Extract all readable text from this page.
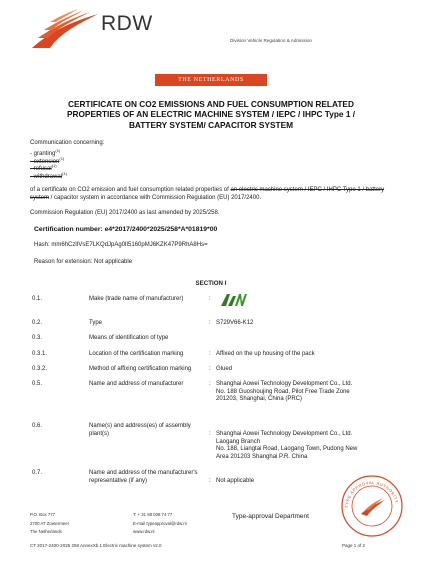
RDW
Division Vehicle Regulation & Admission
THE NETHERLANDS
CERTIFICATE ON CO2 EMISSIONS AND FUEL CONSUMPTION RELATED
PROPERTIES OF AN ELECTRIC MACHINE SYSTEM / IEPC / IHPC Type 1 /
BATTERY SYSTEM/ CAPACITOR SYSTEM
Communication concerning:
- granting$^{(1)}$
- extension$^{(1)}$
- refusal$^{(1)}$
- withdrawal$^{(1)}$
of a certificate on CO2 emission and fuel consumption related properties of an electric machine system / IEPC / IHPC Type 1 / battery system / capacitor system in accordance with Commission Regulation (EU) 2017/2400.
Commission Regulation (EU) 2017/2400 as last amended by 2025/258.
Certification number: e4*2017/2400*2025/258*A*01819*00
Hash: mm6hCzlIVsE7LKQdJpAg0lI5160pMJ6KZK47P9RhA8Hs=
Reason for extension: Not applicable
SECTION I
0.1.	Make (trade name of manufacturer)	:
0.2.	Type	: S729V66-K12
0.3.	Means of identification of type
0.3.1.	Location of the certification marking	: Affixed on the up housing of the pack
0.3.2.	Method of affixing certification marking	: Glued
0.5.	Name and address of manufacturer	: Shanghai Aowei Technology Development Co., Ltd.
No. 188 Guoshoujing Road, Pilot Free Trade Zone 201203, Shanghai, China (PRC)
0.6.	Name(s) and address(es) of assembly plant(s)	: Shanghai Aowei Technology Development Co., Ltd. Laogang Branch
No. 188, Liangtai Road, Laogang Town, Pudong New Area 201203 Shanghai P.R. China
0.7.	Name and address of the manufacturer's representative (if any)	: Not applicable
TYPE APPROVAL AUTHORITY
P.O. Box 777
2700 AT Zoetermeer
The Netherlands
T: + 31 88 008 74 77
E-mail typeapproval@rdw.nl
www.rdw.nl
Type-approval Department
CT 2017-2400-2025 258 AnnexXb.1 Electric machine system v2.0	Page 1 of 2
